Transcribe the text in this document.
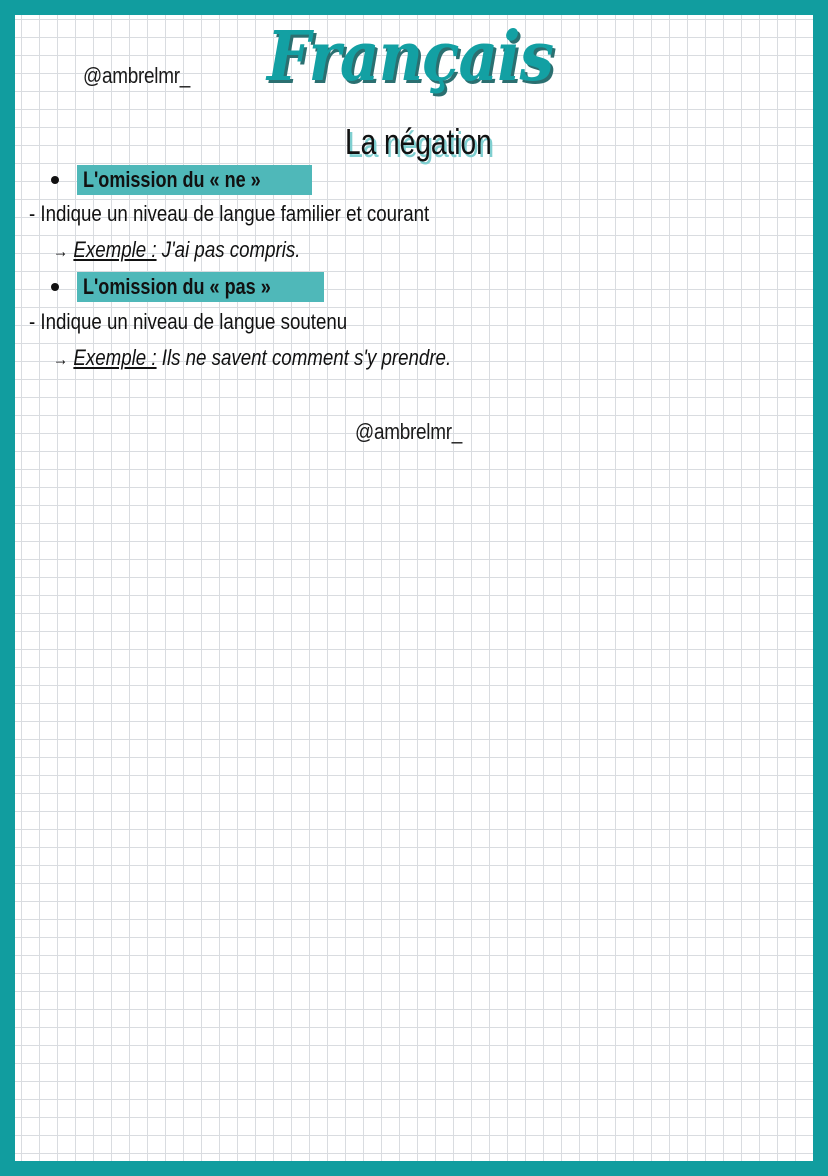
@ambrelmr_ Français
La négation
L'omission du « ne »
- Indique un niveau de langue familier et courant
→ Exemple : J'ai pas compris.
L'omission du « pas »
- Indique un niveau de langue soutenu
→ Exemple : Ils ne savent comment s'y prendre.
@ambrelmr_
